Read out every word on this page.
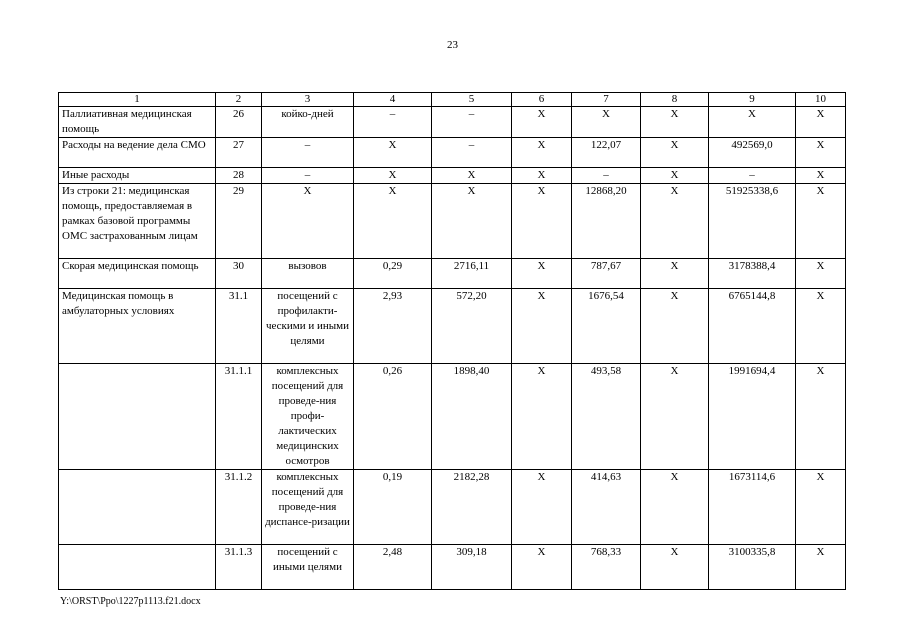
23
1	2	3	4	5	6	7	8	9	10
Паллиативная медицинская помощь	26	койко-дней	–	–	X	X	X	X	X
Расходы на ведение дела СМО	27	–	X	–	X	122,07	X	492569,0	X
Иные расходы	28	–	X	X	X	–	X	–	X
Из строки 21: медицинская помощь, предоставляемая в рамках базовой программы ОМС застрахованным лицам	29	X	X	X	X	12868,20	X	51925338,6	X
Скорая медицинская помощь	30	вызовов	0,29	2716,11	X	787,67	X	3178388,4	X
Медицинская помощь в амбулаторных условиях	31.1	посещений с профилакти-ческими и иными целями	2,93	572,20	X	1676,54	X	6765144,8	X
	31.1.1	комплексных посещений для проведе-ния профи-лактических медицинских осмотров	0,26	1898,40	X	493,58	X	1991694,4	X
	31.1.2	комплексных посещений для проведе-ния диспансе-ризации	0,19	2182,28	X	414,63	X	1673114,6	X
	31.1.3	посещений с иными целями	2,48	309,18	X	768,33	X	3100335,8	X
Y:\ORST\Ppo\1227p1113.f21.docx
